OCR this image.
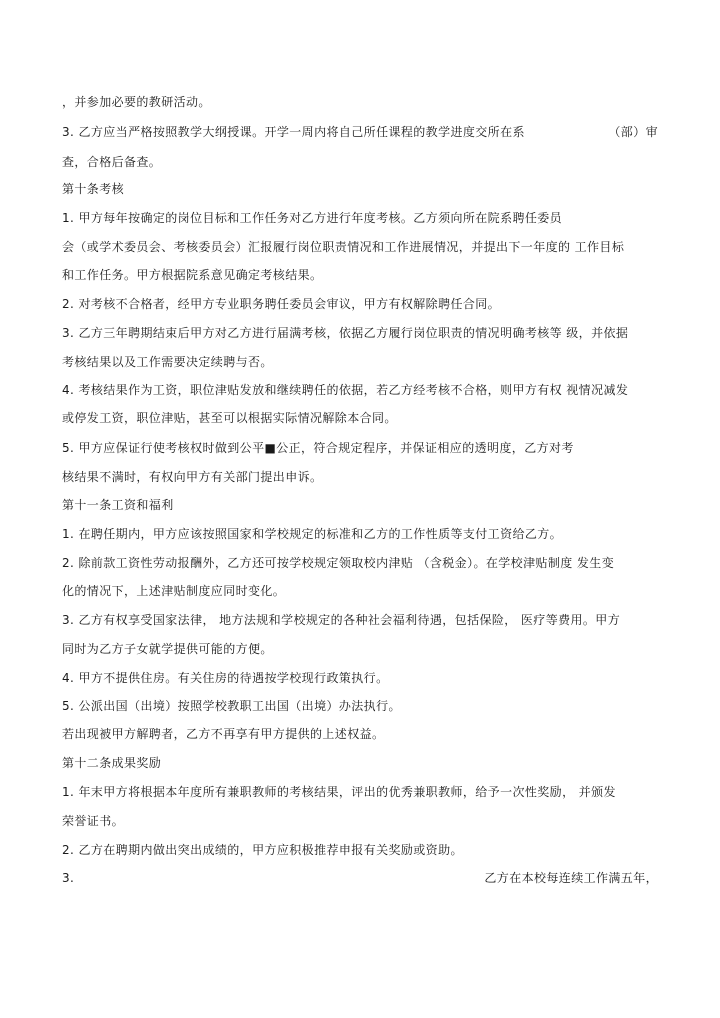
，并参加必要的教研活动。
3. 乙方应当严格按照教学大纲授课。开学一周内将自己所任课程的教学进度交所在系	（部）审
查，合格后备查。
第十条考核
1. 甲方每年按确定的岗位目标和工作任务对乙方进行年度考核。乙方须向所在院系聘任委员
会（或学术委员会、考核委员会）汇报履行岗位职责情况和工作进展情况，并提出下一年度的 工作目标
和工作任务。甲方根据院系意见确定考核结果。
2. 对考核不合格者，经甲方专业职务聘任委员会审议，甲方有权解除聘任合同。
3. 乙方三年聘期结束后甲方对乙方进行届满考核，依据乙方履行岗位职责的情况明确考核等 级，并依据
考核结果以及工作需要决定续聘与否。
4. 考核结果作为工资，职位津贴发放和继续聘任的依据，若乙方经考核不合格，则甲方有权 视情况减发
或停发工资，职位津贴，甚至可以根据实际情况解除本合同。
5. 甲方应保证行使考核权时做到公平■公正，符合规定程序，并保证相应的透明度，乙方对考
核结果不满时，有权向甲方有关部门提出申诉。
第十一条工资和福利
1. 在聘任期内，甲方应该按照国家和学校规定的标准和乙方的工作性质等支付工资给乙方。
2. 除前款工资性劳动报酬外，乙方还可按学校规定领取校内津贴 （含税金）。在学校津贴制度 发生变
化的情况下，上述津贴制度应同时变化。
3. 乙方有权享受国家法律， 地方法规和学校规定的各种社会福利待遇，包括保险， 医疗等费用。甲方
同时为乙方子女就学提供可能的方便。
4. 甲方不提供住房。有关住房的待遇按学校现行政策执行。
5. 公派出国（出境）按照学校教职工出国（出境）办法执行。
若出现被甲方解聘者，乙方不再享有甲方提供的上述权益。
第十二条成果奖励
1. 年末甲方将根据本年度所有兼职教师的考核结果，评出的优秀兼职教师，给予一次性奖励， 并颁发
荣誉证书。
2. 乙方在聘期内做出突出成绩的，甲方应积极推荐申报有关奖励或资助。
3.	乙方在本校每连续工作满五年，
